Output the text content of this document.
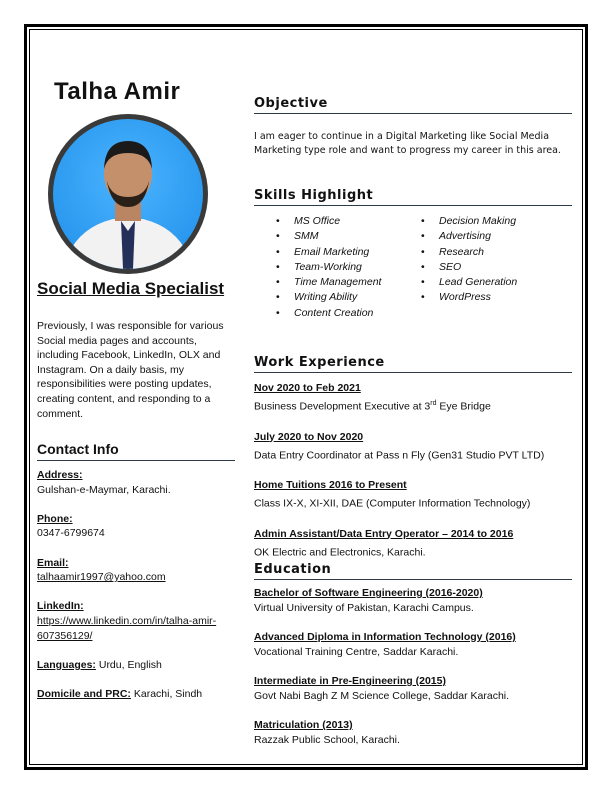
Talha Amir
Social Media Specialist
Previously, I was responsible for various Social media pages and accounts, including Facebook, LinkedIn, OLX and Instagram. On a daily basis, my responsibilities were posting updates, creating content, and responding to a comment.
Contact Info
Address:
Gulshan-e-Maymar, Karachi.
Phone:
0347-6799674
Email:
talhaamir1997@yahoo.com
LinkedIn:
https://www.linkedin.com/in/talha-amir-607356129/
Languages: Urdu, English
Domicile and PRC: Karachi, Sindh
Objective
I am eager to continue in a Digital Marketing like Social Media Marketing type role and want to progress my career in this area.
Skills Highlight
• MS Office
• SMM
• Email Marketing
• Team-Working
• Time Management
• Writing Ability
• Content Creation
• Decision Making
• Advertising
• Research
• SEO
• Lead Generation
• WordPress
Work Experience
Nov 2020 to Feb 2021
Business Development Executive at 3rd Eye Bridge
July 2020 to Nov 2020
Data Entry Coordinator at Pass n Fly (Gen31 Studio PVT LTD)
Home Tuitions 2016 to Present
Class IX-X, XI-XII, DAE (Computer Information Technology)
Admin Assistant/Data Entry Operator – 2014 to 2016
OK Electric and Electronics, Karachi.
Education
Bachelor of Software Engineering (2016-2020)
Virtual University of Pakistan, Karachi Campus.
Advanced Diploma in Information Technology (2016)
Vocational Training Centre, Saddar Karachi.
Intermediate in Pre-Engineering (2015)
Govt Nabi Bagh Z M Science College, Saddar Karachi.
Matriculation (2013)
Razzak Public School, Karachi.
